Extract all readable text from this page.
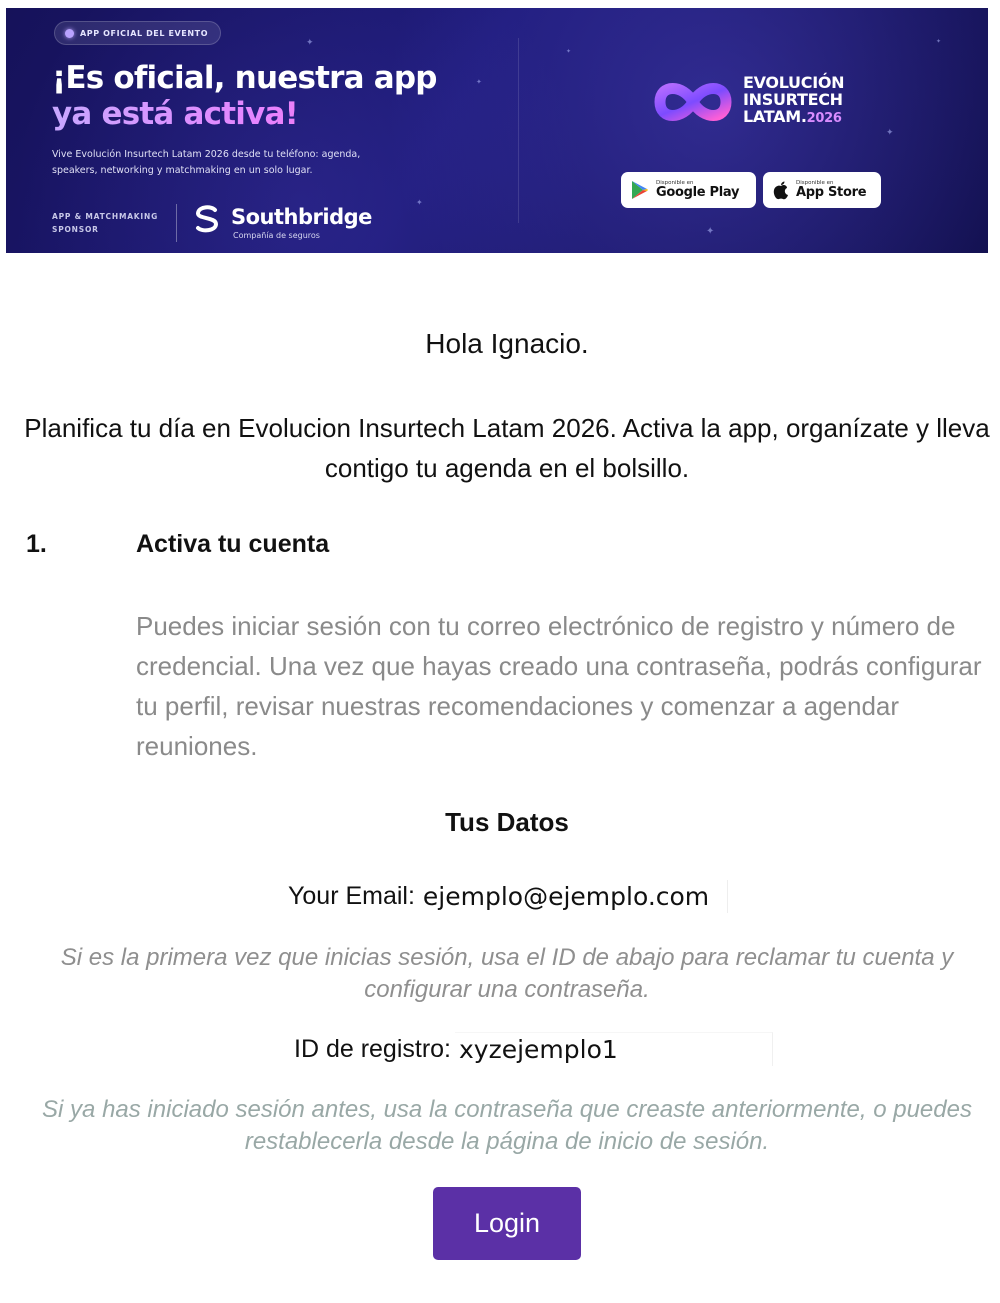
✦
✦
✦
✦
✦
✦
✦
APP OFICIAL DEL EVENTO
¡Es oficial, nuestra app
ya está activa!

Vive Evolución Insurtech Latam 2026 desde tu teléfono: agenda, speakers, networking y matchmaking en un solo lugar.

APP & MATCHMAKING SPONSOR
Southbridge
Compañía de seguros
EVOLUCIÓN
INSURTECH
LATAM.2026
Disponible en
Google Play
Disponible en
App Store
Hola Ignacio.
Planifica tu día en Evolucion Insurtech Latam 2026. Activa la app, organízate y lleva contigo tu agenda en el bolsillo.
1.	Activa tu cuenta
Puedes iniciar sesión con tu correo electrónico de registro y número de credencial. Una vez que hayas creado una contraseña, podrás configurar tu perfil, revisar nuestras recomendaciones y comenzar a agendar reuniones.
Tus Datos
Your Email: ejemplo@ejemplo.com
Si es la primera vez que inicias sesión, usa el ID de abajo para reclamar tu cuenta y configurar una contraseña.
ID de registro: xyzejemplo1
Si ya has iniciado sesión antes, usa la contraseña que creaste anteriormente, o puedes restablecerla desde la página de inicio de sesión.
Login
